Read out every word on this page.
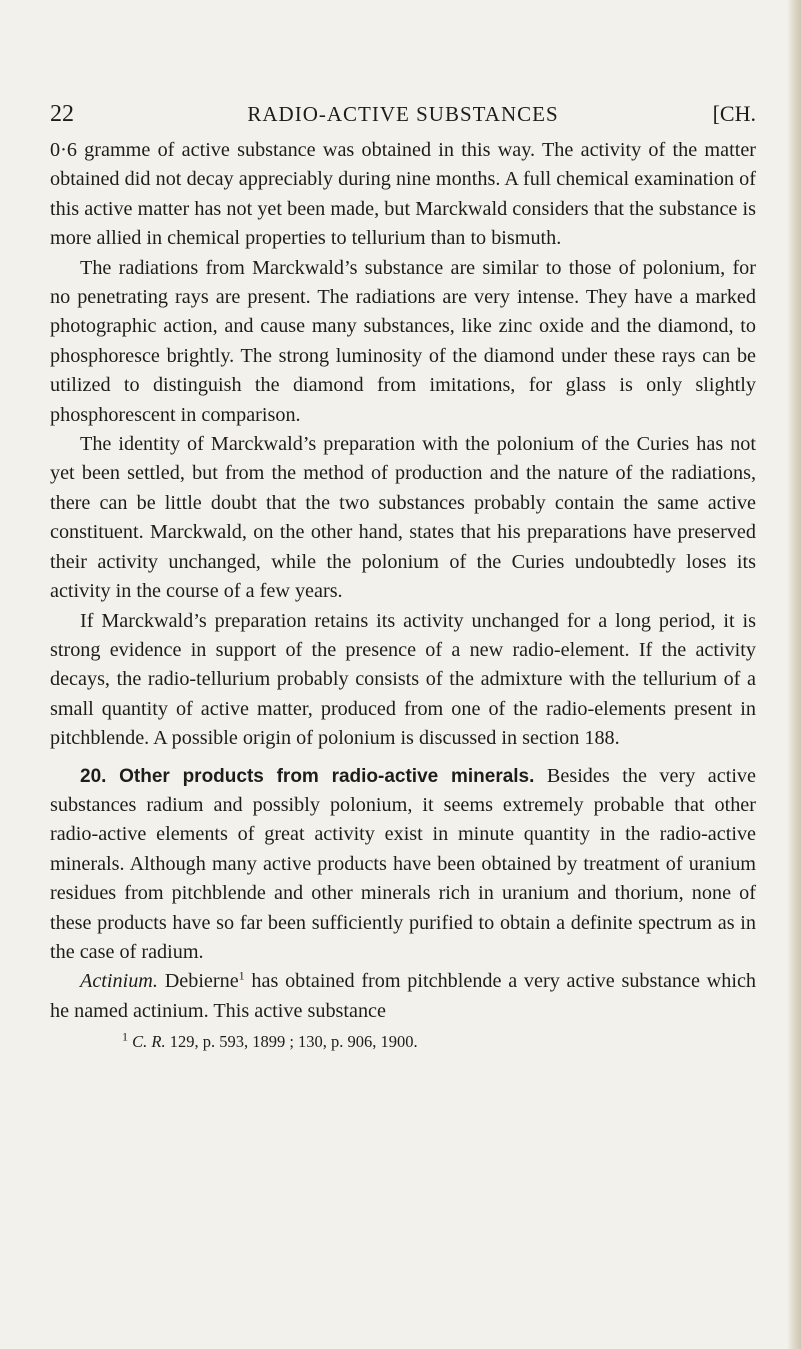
22	RADIO-ACTIVE SUBSTANCES	[CH.

0·6 gramme of active substance was obtained in this way. The activity of the matter obtained did not decay appreciably during nine months. A full chemical examination of this active matter has not yet been made, but Marckwald considers that the substance is more allied in chemical properties to tellurium than to bismuth.

The radiations from Marckwald’s substance are similar to those of polonium, for no penetrating rays are present. The radiations are very intense. They have a marked photographic action, and cause many substances, like zinc oxide and the diamond, to phosphoresce brightly. The strong luminosity of the diamond under these rays can be utilized to distinguish the diamond from imitations, for glass is only slightly phosphorescent in comparison.

The identity of Marckwald’s preparation with the polonium of the Curies has not yet been settled, but from the method of production and the nature of the radiations, there can be little doubt that the two substances probably contain the same active constituent. Marckwald, on the other hand, states that his preparations have preserved their activity unchanged, while the polonium of the Curies undoubtedly loses its activity in the course of a few years.

If Marckwald’s preparation retains its activity unchanged for a long period, it is strong evidence in support of the presence of a new radio-element. If the activity decays, the radio-tellurium probably consists of the admixture with the tellurium of a small quantity of active matter, produced from one of the radio-elements present in pitchblende. A possible origin of polonium is discussed in section 188.

20. Other products from radio-active minerals. Besides the very active substances radium and possibly polonium, it seems extremely probable that other radio-active elements of great activity exist in minute quantity in the radio-active minerals. Although many active products have been obtained by treatment of uranium residues from pitchblende and other minerals rich in uranium and thorium, none of these products have so far been sufficiently purified to obtain a definite spectrum as in the case of radium.

Actinium. Debierne$^1$ has obtained from pitchblende a very active substance which he named actinium. This active substance

$^1$ C. R. 129, p. 593, 1899 ; 130, p. 906, 1900.
